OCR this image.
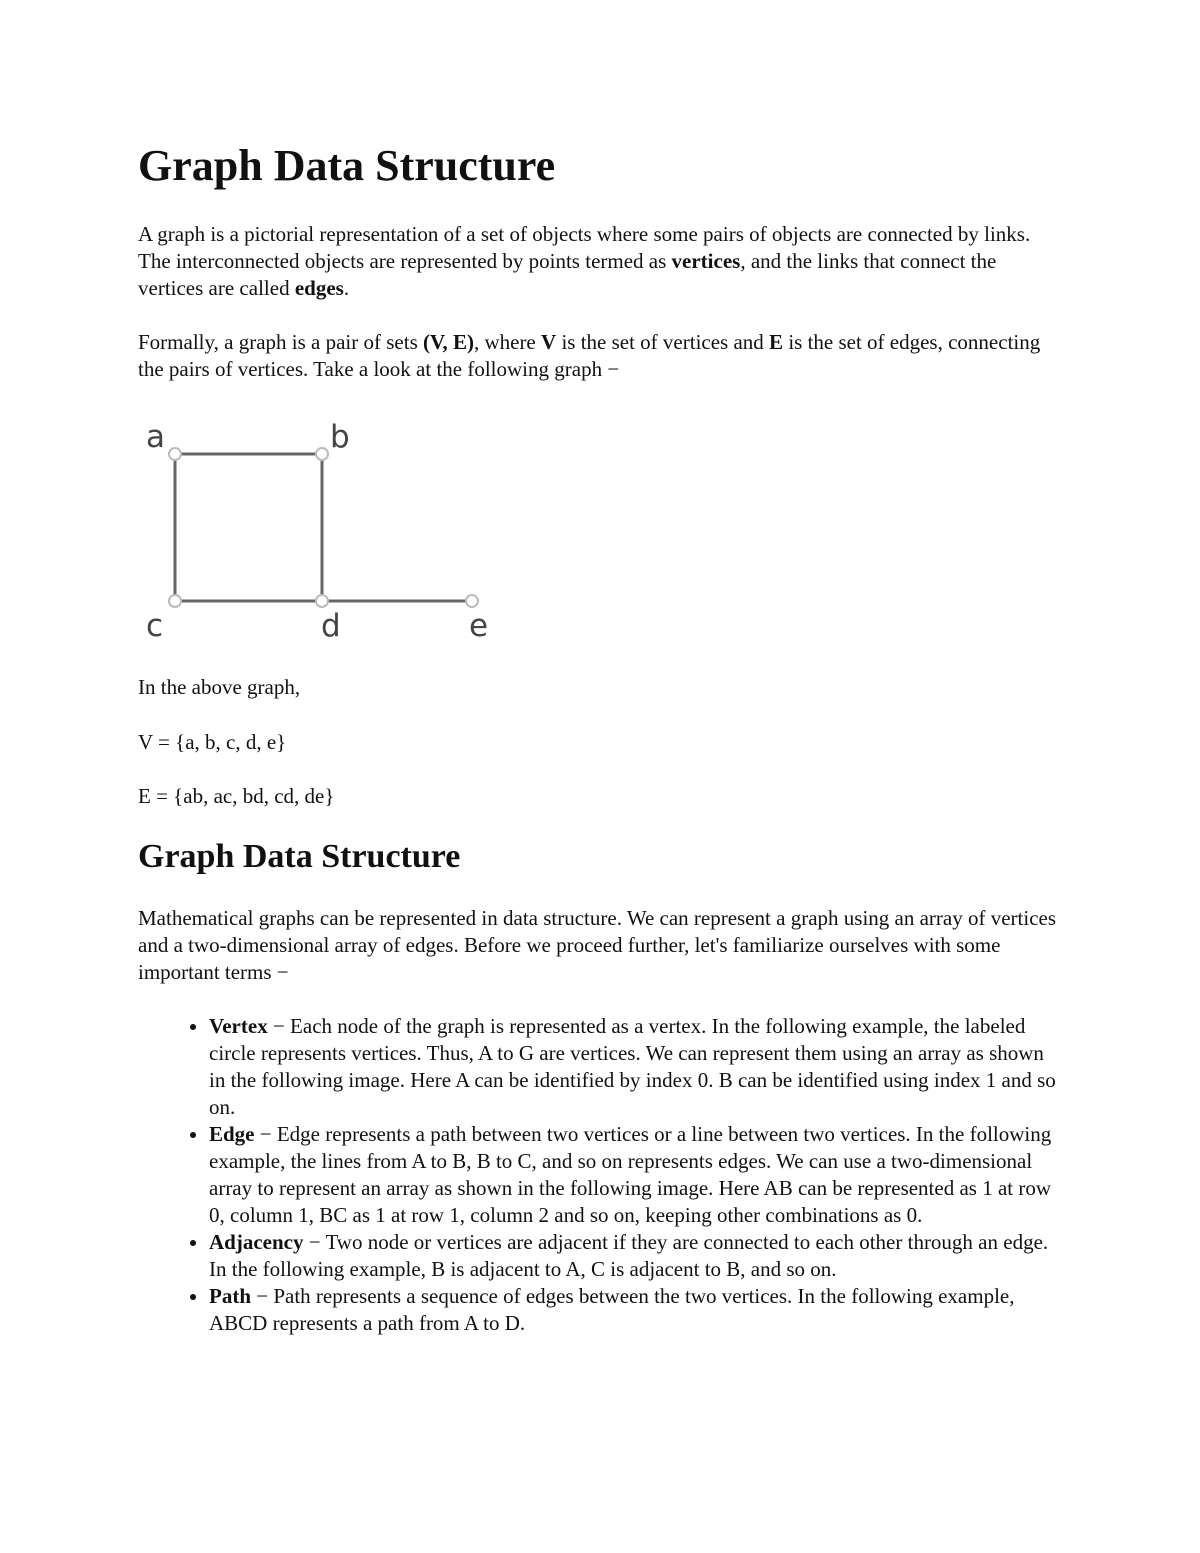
Graph Data Structure

A graph is a pictorial representation of a set of objects where some pairs of objects are connected by links. The interconnected objects are represented by points termed as vertices, and the links that connect the vertices are called edges.

Formally, a graph is a pair of sets (V, E), where V is the set of vertices and E is the set of edges, connecting the pairs of vertices. Take a look at the following graph −

In the above graph,

V = {a, b, c, d, e}

E = {ab, ac, bd, cd, de}

Graph Data Structure

Mathematical graphs can be represented in data structure. We can represent a graph using an array of vertices and a two-dimensional array of edges. Before we proceed further, let's familiarize ourselves with some important terms −

• Vertex − Each node of the graph is represented as a vertex. In the following example, the labeled circle represents vertices. Thus, A to G are vertices. We can represent them using an array as shown in the following image. Here A can be identified by index 0. B can be identified using index 1 and so on.
• Edge − Edge represents a path between two vertices or a line between two vertices. In the following example, the lines from A to B, B to C, and so on represents edges. We can use a two-dimensional array to represent an array as shown in the following image. Here AB can be represented as 1 at row 0, column 1, BC as 1 at row 1, column 2 and so on, keeping other combinations as 0.
• Adjacency − Two node or vertices are adjacent if they are connected to each other through an edge. In the following example, B is adjacent to A, C is adjacent to B, and so on.
• Path − Path represents a sequence of edges between the two vertices. In the following example, ABCD represents a path from A to D.
a	b
c	d	e
